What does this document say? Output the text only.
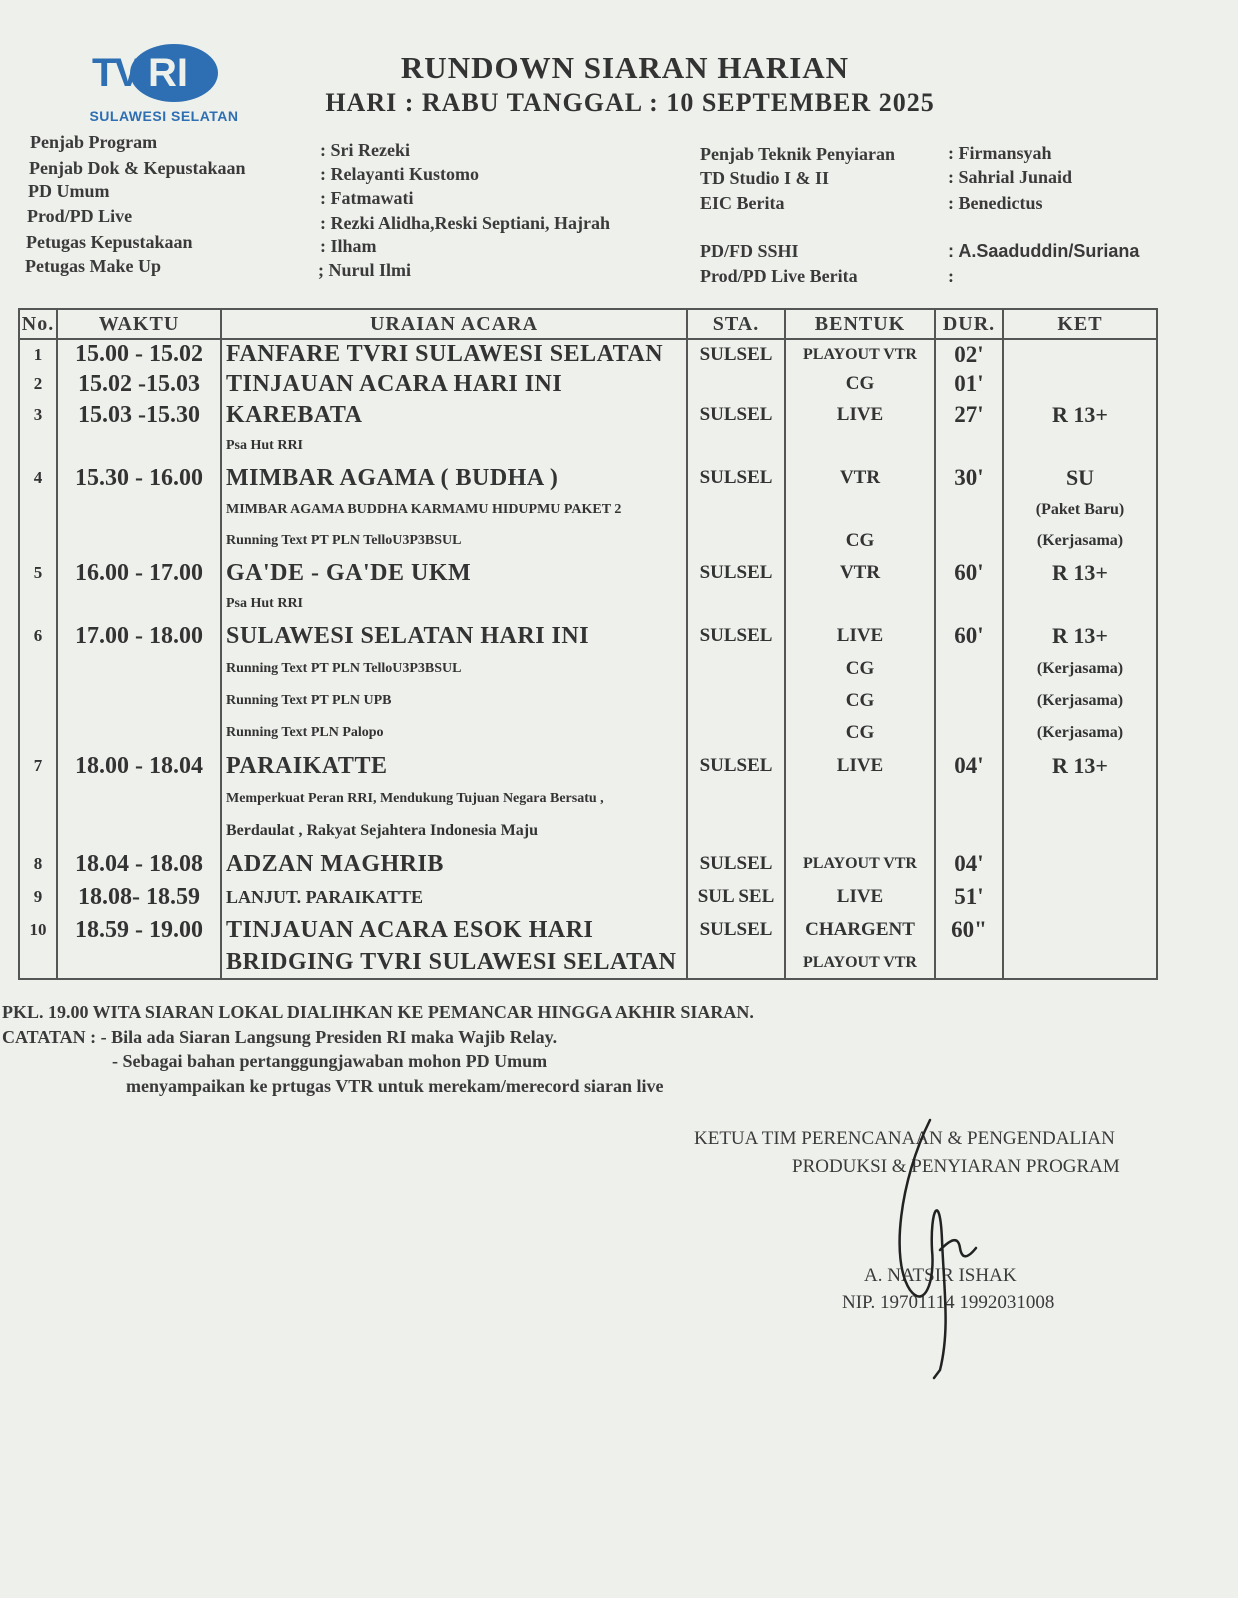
TV RI
SULAWESI SELATAN
RUNDOWN SIARAN HARIAN
HARI : RABU TANGGAL : 10 SEPTEMBER 2025
Penjab Program	: Sri Rezeki
Penjab Dok & Kepustakaan	: Relayanti Kustomo
PD Umum	: Fatmawati
Prod/PD Live	: Rezki Alidha,Reski Septiani, Hajrah
Petugas Kepustakaan	: Ilham
Petugas Make Up	; Nurul Ilmi
Penjab Teknik Penyiaran	: Firmansyah
TD Studio I & II	: Sahrial Junaid
EIC Berita	: Benedictus
PD/FD SSHI	: A.Saaduddin/Suriana
Prod/PD Live Berita	:
No.	WAKTU	URAIAN ACARA	STA.	BENTUK	DUR.	KET
1	15.00 - 15.02	FANFARE TVRI SULAWESI SELATAN	SULSEL	PLAYOUT VTR	02'	
2	15.02 -15.03	TINJAUAN ACARA HARI INI		CG	01'	
3	15.03 -15.30	KAREBATA	SULSEL	LIVE	27'	R 13+
		Psa Hut RRI				
4	15.30 - 16.00	MIMBAR AGAMA ( BUDHA )	SULSEL	VTR	30'	SU
		MIMBAR AGAMA BUDDHA KARMAMU HIDUPMU PAKET 2				(Paket Baru)
		Running Text PT PLN TelloU3P3BSUL		CG		(Kerjasama)
5	16.00 - 17.00	GA'DE - GA'DE UKM	SULSEL	VTR	60'	R 13+
		Psa Hut RRI				
6	17.00 - 18.00	SULAWESI SELATAN HARI INI	SULSEL	LIVE	60'	R 13+
		Running Text PT PLN TelloU3P3BSUL		CG		(Kerjasama)
		Running Text PT PLN UPB		CG		(Kerjasama)
		Running Text PLN Palopo		CG		(Kerjasama)
7	18.00 - 18.04	PARAIKATTE	SULSEL	LIVE	04'	R 13+
		Memperkuat Peran RRI, Mendukung Tujuan Negara Bersatu ,				
		Berdaulat , Rakyat Sejahtera Indonesia Maju				
8	18.04 - 18.08	ADZAN MAGHRIB	SULSEL	PLAYOUT VTR	04'	
9	18.08- 18.59	LANJUT. PARAIKATTE	SUL SEL	LIVE	51'	
10	18.59 - 19.00	TINJAUAN ACARA ESOK HARI	SULSEL	CHARGENT	60"	
		BRIDGING TVRI SULAWESI SELATAN		PLAYOUT VTR		
PKL. 19.00 WITA SIARAN LOKAL DIALIHKAN KE PEMANCAR HINGGA AKHIR SIARAN.
CATATAN : - Bila ada Siaran Langsung Presiden RI maka Wajib Relay.
- Sebagai bahan pertanggungjawaban mohon PD Umum
menyampaikan ke prtugas VTR untuk merekam/merecord siaran live
KETUA TIM PERENCANAAN & PENGENDALIAN
PRODUKSI & PENYIARAN PROGRAM
A. NATSIR ISHAK
NIP. 19701114 1992031008
